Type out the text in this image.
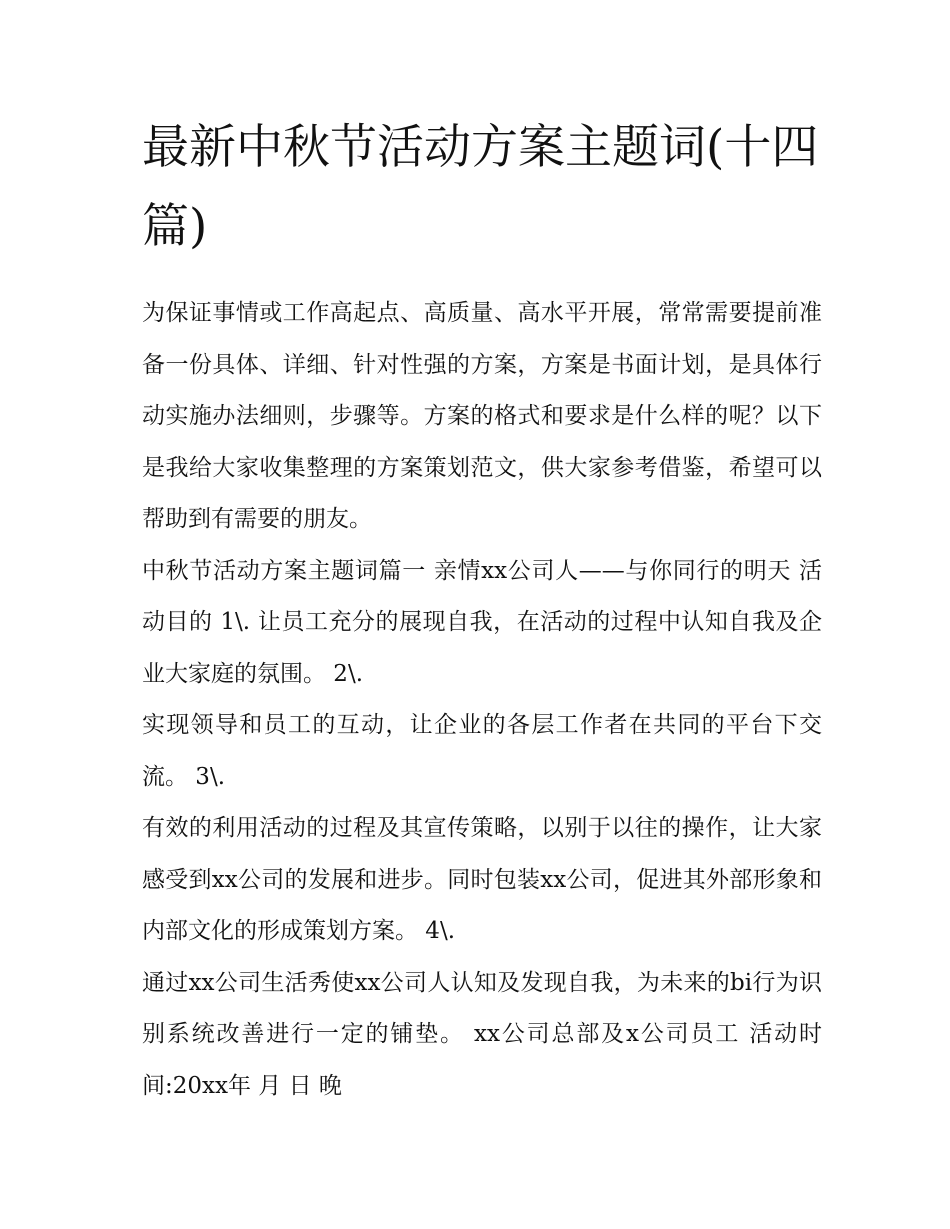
最新中秋节活动方案主题词(十四篇)

为保证事情或工作高起点、高质量、高水平开展，常常需要提前准备一份具体、详细、针对性强的方案，方案是书面计划，是具体行动实施办法细则，步骤等。方案的格式和要求是什么样的呢？以下是我给大家收集整理的方案策划范文，供大家参考借鉴，希望可以帮助到有需要的朋友。

中秋节活动方案主题词篇一 亲情xx公司人——与你同行的明天 活动目的 1\. 让员工充分的展现自我，在活动的过程中认知自我及企业大家庭的氛围。 2\.

实现领导和员工的互动，让企业的各层工作者在共同的平台下交流。 3\.

有效的利用活动的过程及其宣传策略，以别于以往的操作，让大家感受到xx公司的发展和进步。同时包装xx公司，促进其外部形象和内部文化的形成策划方案。 4\.

通过xx公司生活秀使xx公司人认知及发现自我，为未来的bi行为识别系统改善进行一定的铺垫。 xx公司总部及x公司员工 活动时间:20xx年 月 日 晚
